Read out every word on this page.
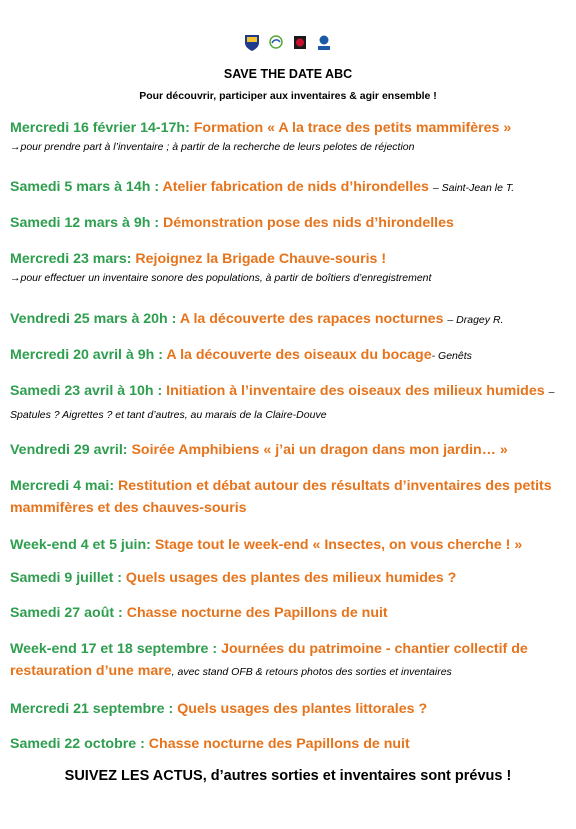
SAVE THE DATE ABC
Pour découvrir, participer aux inventaires & agir ensemble !
Mercredi 16 février 14-17h: Formation « A la trace des petits mammifères »
→pour prendre part à l’inventaire ; à partir de la recherche de leurs pelotes de réjection
Samedi 5 mars à 14h : Atelier fabrication de nids d’hirondelles – Saint-Jean le T.
Samedi 12 mars à 9h : Démonstration pose des nids d’hirondelles
Mercredi 23 mars: Rejoignez la Brigade Chauve-souris !
→pour effectuer un inventaire sonore des populations, à partir de boîtiers d’enregistrement
Vendredi 25 mars à 20h : A la découverte des rapaces nocturnes – Dragey R.
Mercredi 20 avril à 9h : A la découverte des oiseaux du bocage- Genêts
Samedi 23 avril à 10h : Initiation à l’inventaire des oiseaux des milieux humides – Spatules ? Aigrettes ? et tant d’autres, au marais de la Claire-Douve
Vendredi 29 avril: Soirée Amphibiens « j’ai un dragon dans mon jardin… »
Mercredi 4 mai: Restitution et débat autour des résultats d’inventaires des petits mammifères et des chauves-souris
Week-end 4 et 5 juin: Stage tout le week-end « Insectes, on vous cherche ! »
Samedi 9 juillet : Quels usages des plantes des milieux humides ?
Samedi 27 août : Chasse nocturne des Papillons de nuit
Week-end 17 et 18 septembre : Journées du patrimoine - chantier collectif de restauration d’une mare, avec stand OFB & retours photos des sorties et inventaires
Mercredi 21 septembre : Quels usages des plantes littorales ?
Samedi 22 octobre : Chasse nocturne des Papillons de nuit
SUIVEZ LES ACTUS, d’autres sorties et inventaires sont prévus !
